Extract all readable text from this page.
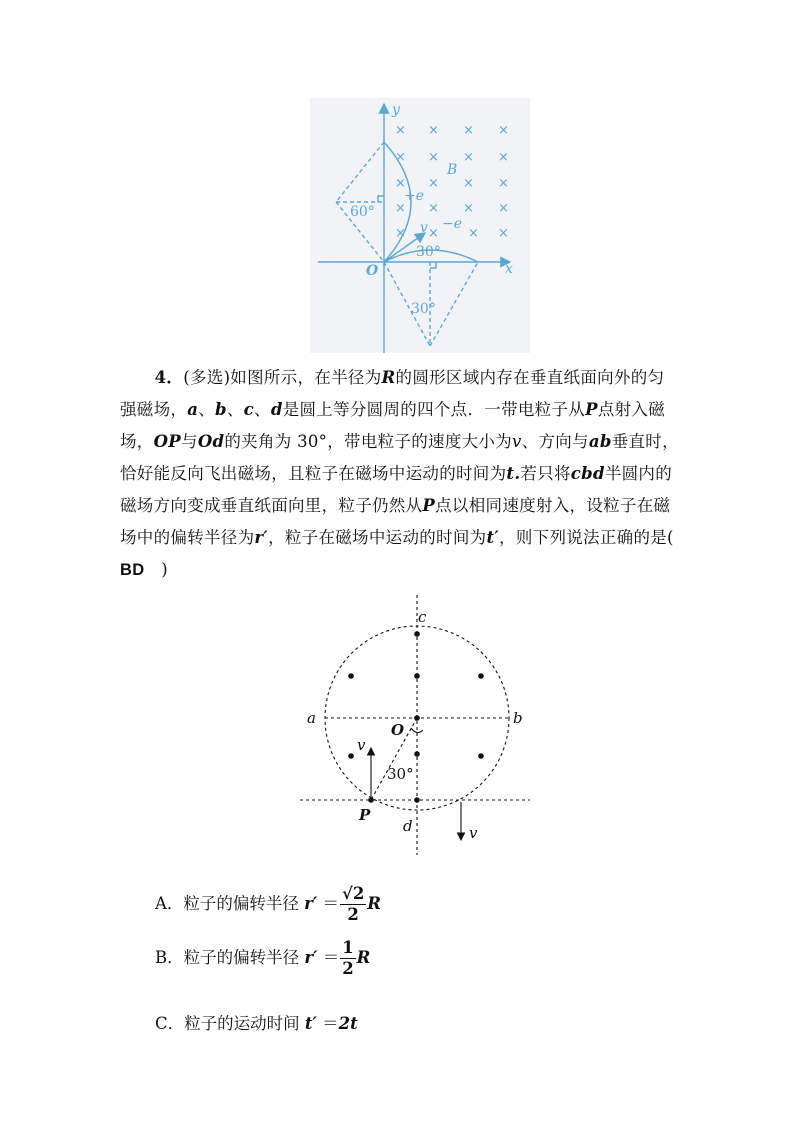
× × × ×
× × × ×
×	× ×
×
× ×
×
×
× ×	×
×
y
x
O
B
+e
−e
v
60°
30°
30°

4．(多选)如图所示，在半径为R的圆形区域内存在垂直纸面向外的匀强磁场，a、b、c、d是圆上等分圆周的四个点．一带电粒子从P点射入磁场，OP与Od的夹角为 30°，带电粒子的速度大小为v、方向与ab垂直时，恰好能反向飞出磁场，且粒子在磁场中运动的时间为t.若只将cbd半圆内的磁场方向变成垂直纸面向里，粒子仍然从P点以相同速度射入，设粒子在磁场中的偏转半径为r′，粒子在磁场中运动的时间为t′，则下列说法正确的是(　BD　)

c
a	b
d
O
P
v
v
30°
A．粒子的偏转半径 $r' = \frac{√2}{2}$ R
B．粒子的偏转半径 $r' = \frac{1}{2}$ R
C．粒子的运动时间 t′ ＝2t
